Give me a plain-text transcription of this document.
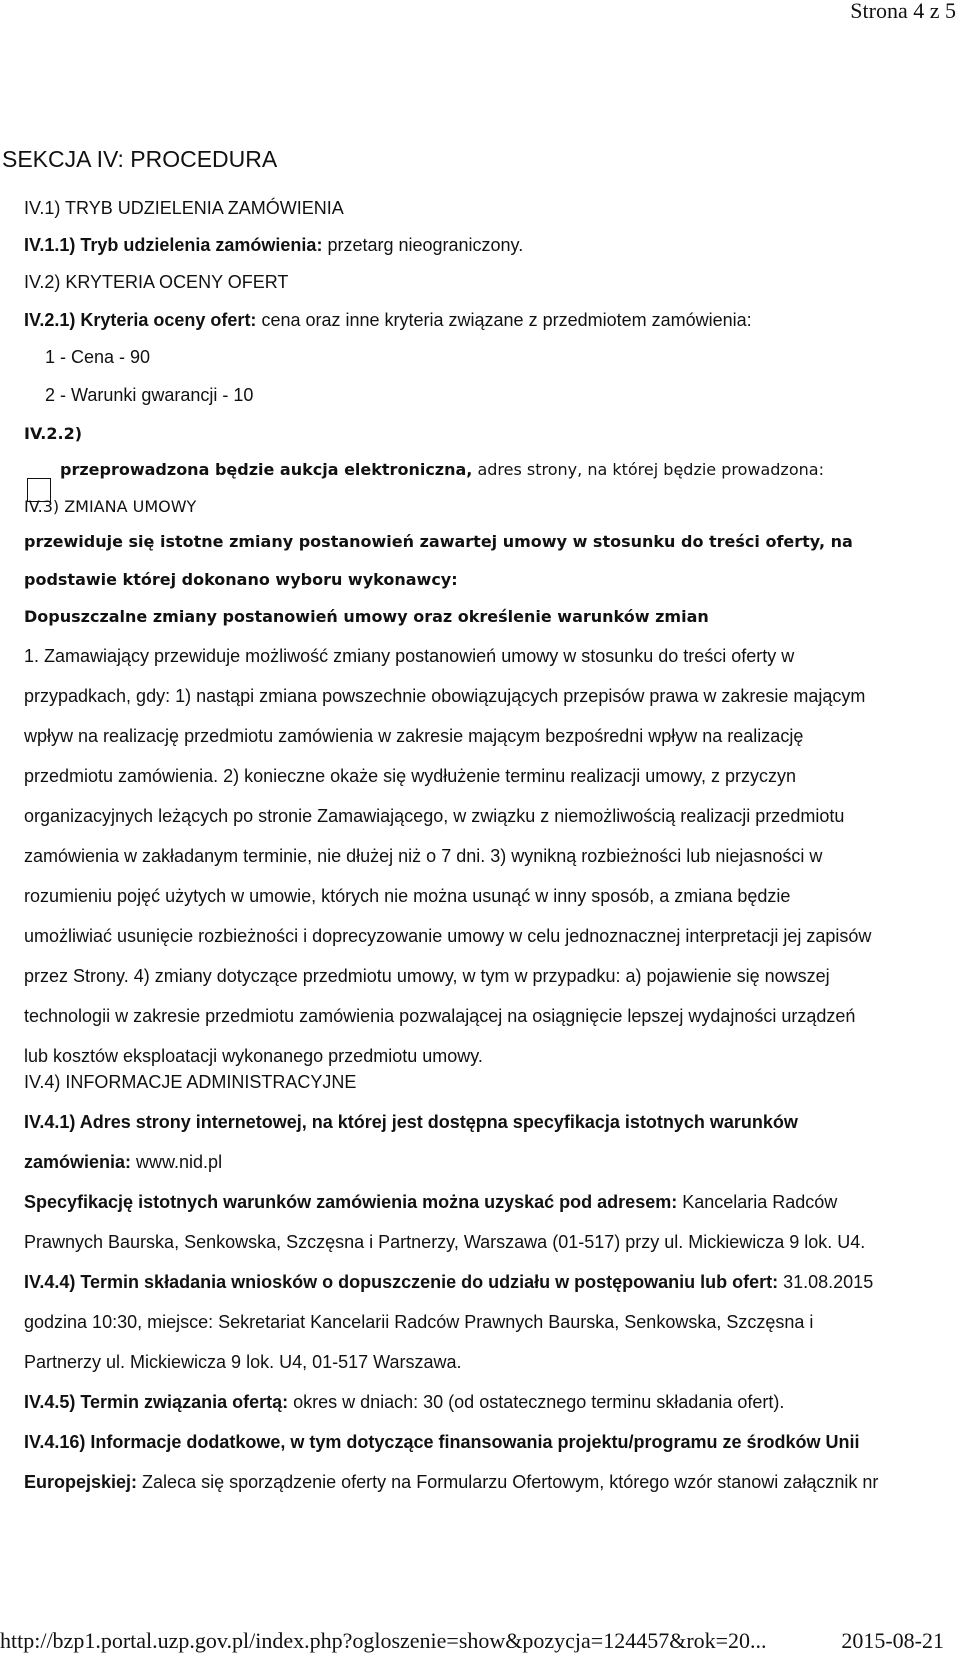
Strona 4 z 5
SEKCJA IV: PROCEDURA
IV.1) TRYB UDZIELENIA ZAMÓWIENIA
IV.1.1) Tryb udzielenia zamówienia: przetarg nieograniczony.
IV.2) KRYTERIA OCENY OFERT
IV.2.1) Kryteria oceny ofert: cena oraz inne kryteria związane z przedmiotem zamówienia:
1 - Cena - 90
2 - Warunki gwarancji - 10
IV.2.2)
przeprowadzona będzie aukcja elektroniczna, adres strony, na której będzie prowadzona:
IV.3) ZMIANA UMOWY
przewiduje się istotne zmiany postanowień zawartej umowy w stosunku do treści oferty, na
podstawie której dokonano wyboru wykonawcy:
Dopuszczalne zmiany postanowień umowy oraz określenie warunków zmian
1. Zamawiający przewiduje możliwość zmiany postanowień umowy w stosunku do treści oferty w
przypadkach, gdy: 1) nastąpi zmiana powszechnie obowiązujących przepisów prawa w zakresie mającym
wpływ na realizację przedmiotu zamówienia w zakresie mającym bezpośredni wpływ na realizację
przedmiotu zamówienia. 2) konieczne okaże się wydłużenie terminu realizacji umowy, z przyczyn
organizacyjnych leżących po stronie Zamawiającego, w związku z niemożliwością realizacji przedmiotu
zamówienia w zakładanym terminie, nie dłużej niż o 7 dni. 3) wynikną rozbieżności lub niejasności w
rozumieniu pojęć użytych w umowie, których nie można usunąć w inny sposób, a zmiana będzie
umożliwiać usunięcie rozbieżności i doprecyzowanie umowy w celu jednoznacznej interpretacji jej zapisów
przez Strony. 4) zmiany dotyczące przedmiotu umowy, w tym w przypadku: a) pojawienie się nowszej
technologii w zakresie przedmiotu zamówienia pozwalającej na osiągnięcie lepszej wydajności urządzeń
lub kosztów eksploatacji wykonanego przedmiotu umowy.
IV.4) INFORMACJE ADMINISTRACYJNE
IV.4.1) Adres strony internetowej, na której jest dostępna specyfikacja istotnych warunków
zamówienia: www.nid.pl
Specyfikację istotnych warunków zamówienia można uzyskać pod adresem: Kancelaria Radców
Prawnych Baurska, Senkowska, Szczęsna i Partnerzy, Warszawa (01-517) przy ul. Mickiewicza 9 lok. U4.
IV.4.4) Termin składania wniosków o dopuszczenie do udziału w postępowaniu lub ofert: 31.08.2015
godzina 10:30, miejsce: Sekretariat Kancelarii Radców Prawnych Baurska, Senkowska, Szczęsna i
Partnerzy ul. Mickiewicza 9 lok. U4, 01-517 Warszawa.
IV.4.5) Termin związania ofertą: okres w dniach: 30 (od ostatecznego terminu składania ofert).
IV.4.16) Informacje dodatkowe, w tym dotyczące finansowania projektu/programu ze środków Unii
Europejskiej: Zaleca się sporządzenie oferty na Formularzu Ofertowym, którego wzór stanowi załącznik nr
http://bzp1.portal.uzp.gov.pl/index.php?ogloszenie=show&pozycja=124457&rok=20...	2015-08-21
